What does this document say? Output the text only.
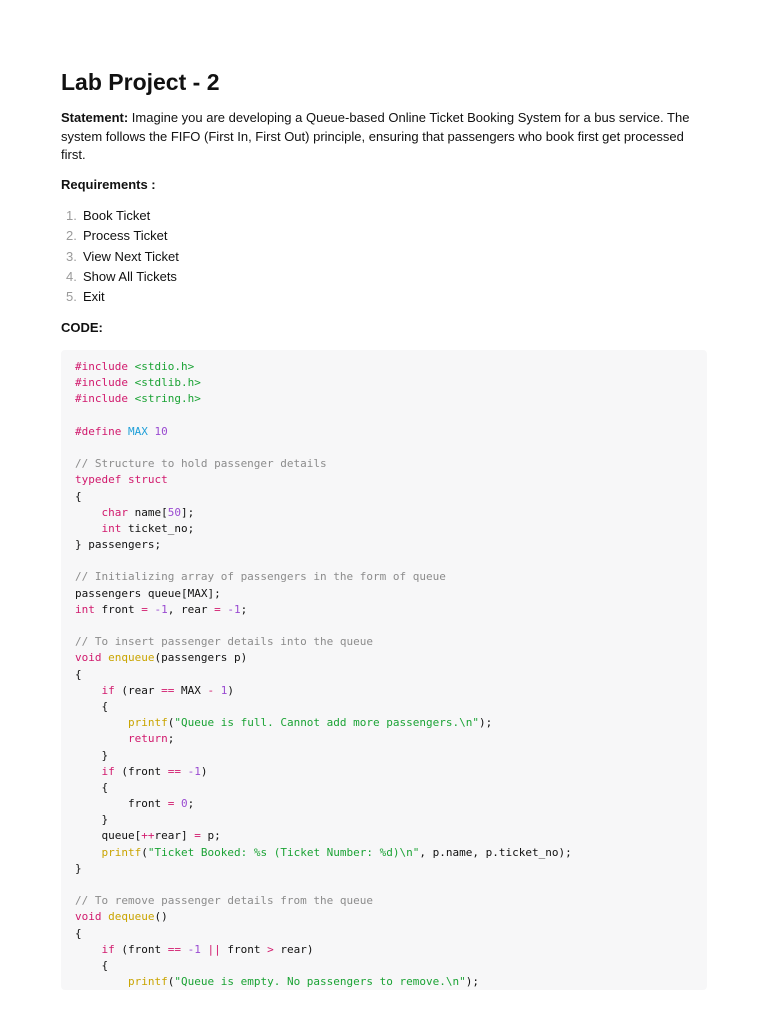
Lab Project - 2

Statement: Imagine you are developing a Queue-based Online Ticket Booking System for a bus service. The system follows the FIFO (First In, First Out) principle, ensuring that passengers who book first get processed first.

Requirements :

1. Book Ticket
2. Process Ticket
3. View Next Ticket
4. Show All Tickets
5. Exit

CODE:

#include <stdio.h>
#include <stdlib.h>
#include <string.h>

#define MAX 10

// Structure to hold passenger details
typedef struct
{
char name[50];
int ticket_no;
} passengers;

// Initializing array of passengers in the form of queue
passengers queue[MAX];
int front = -1, rear = -1;

// To insert passenger details into the queue
void enqueue(passengers p)
{
if (rear == MAX - 1)
{
printf("Queue is full. Cannot add more passengers.\n");
return;
}
if (front == -1)
{
front = 0;
}
queue[++rear] = p;
printf("Ticket Booked: %s (Ticket Number: %d)\n", p.name, p.ticket_no);
}

// To remove passenger details from the queue
void dequeue()
{
if (front == -1 || front > rear)
{
printf("Queue is empty. No passengers to remove.\n");
